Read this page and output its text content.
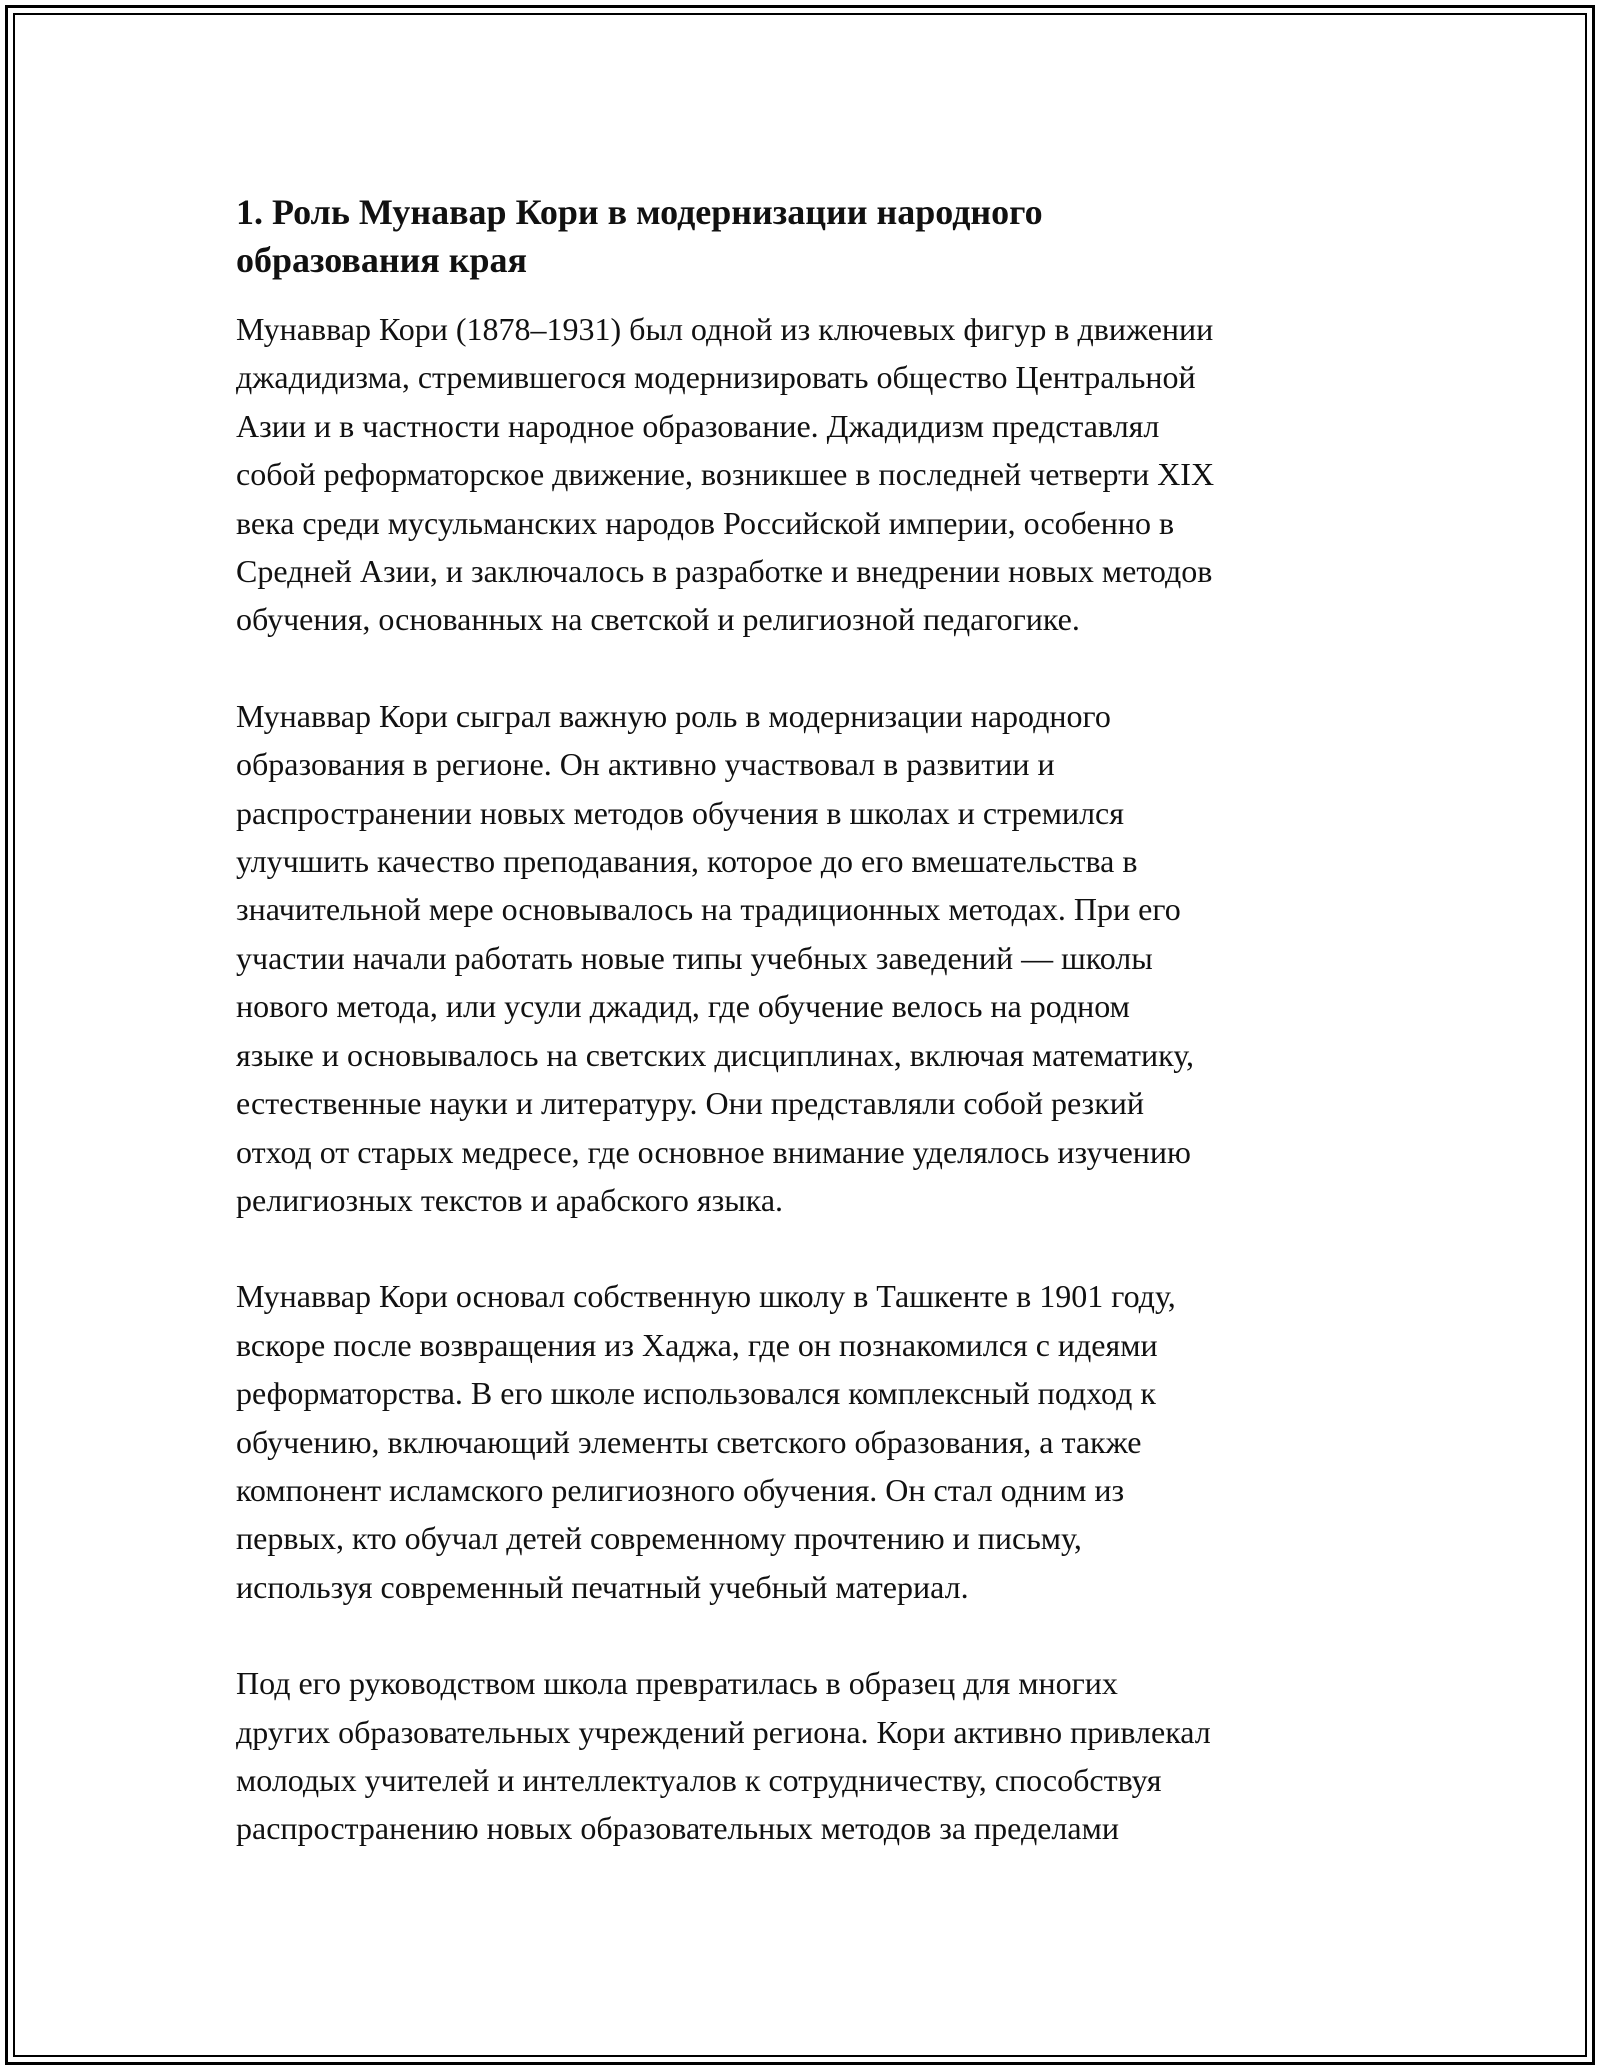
1. Роль Мунавар Кори в модернизации народного
образования края

Мунаввар Кори (1878–1931) был одной из ключевых фигур в движении
джадидизма, стремившегося модернизировать общество Центральной
Азии и в частности народное образование. Джадидизм представлял
собой реформаторское движение, возникшее в последней четверти XIX
века среди мусульманских народов Российской империи, особенно в
Средней Азии, и заключалось в разработке и внедрении новых методов
обучения, основанных на светской и религиозной педагогике.

Мунаввар Кори сыграл важную роль в модернизации народного
образования в регионе. Он активно участвовал в развитии и
распространении новых методов обучения в школах и стремился
улучшить качество преподавания, которое до его вмешательства в
значительной мере основывалось на традиционных методах. При его
участии начали работать новые типы учебных заведений — школы
нового метода, или усули джадид, где обучение велось на родном
языке и основывалось на светских дисциплинах, включая математику,
естественные науки и литературу. Они представляли собой резкий
отход от старых медресе, где основное внимание уделялось изучению
религиозных текстов и арабского языка.

Мунаввар Кори основал собственную школу в Ташкенте в 1901 году,
вскоре после возвращения из Хаджа, где он познакомился с идеями
реформаторства. В его школе использовался комплексный подход к
обучению, включающий элементы светского образования, а также
компонент исламского религиозного обучения. Он стал одним из
первых, кто обучал детей современному прочтению и письму,
используя современный печатный учебный материал.

Под его руководством школа превратилась в образец для многих
других образовательных учреждений региона. Кори активно привлекал
молодых учителей и интеллектуалов к сотрудничеству, способствуя
распространению новых образовательных методов за пределами
